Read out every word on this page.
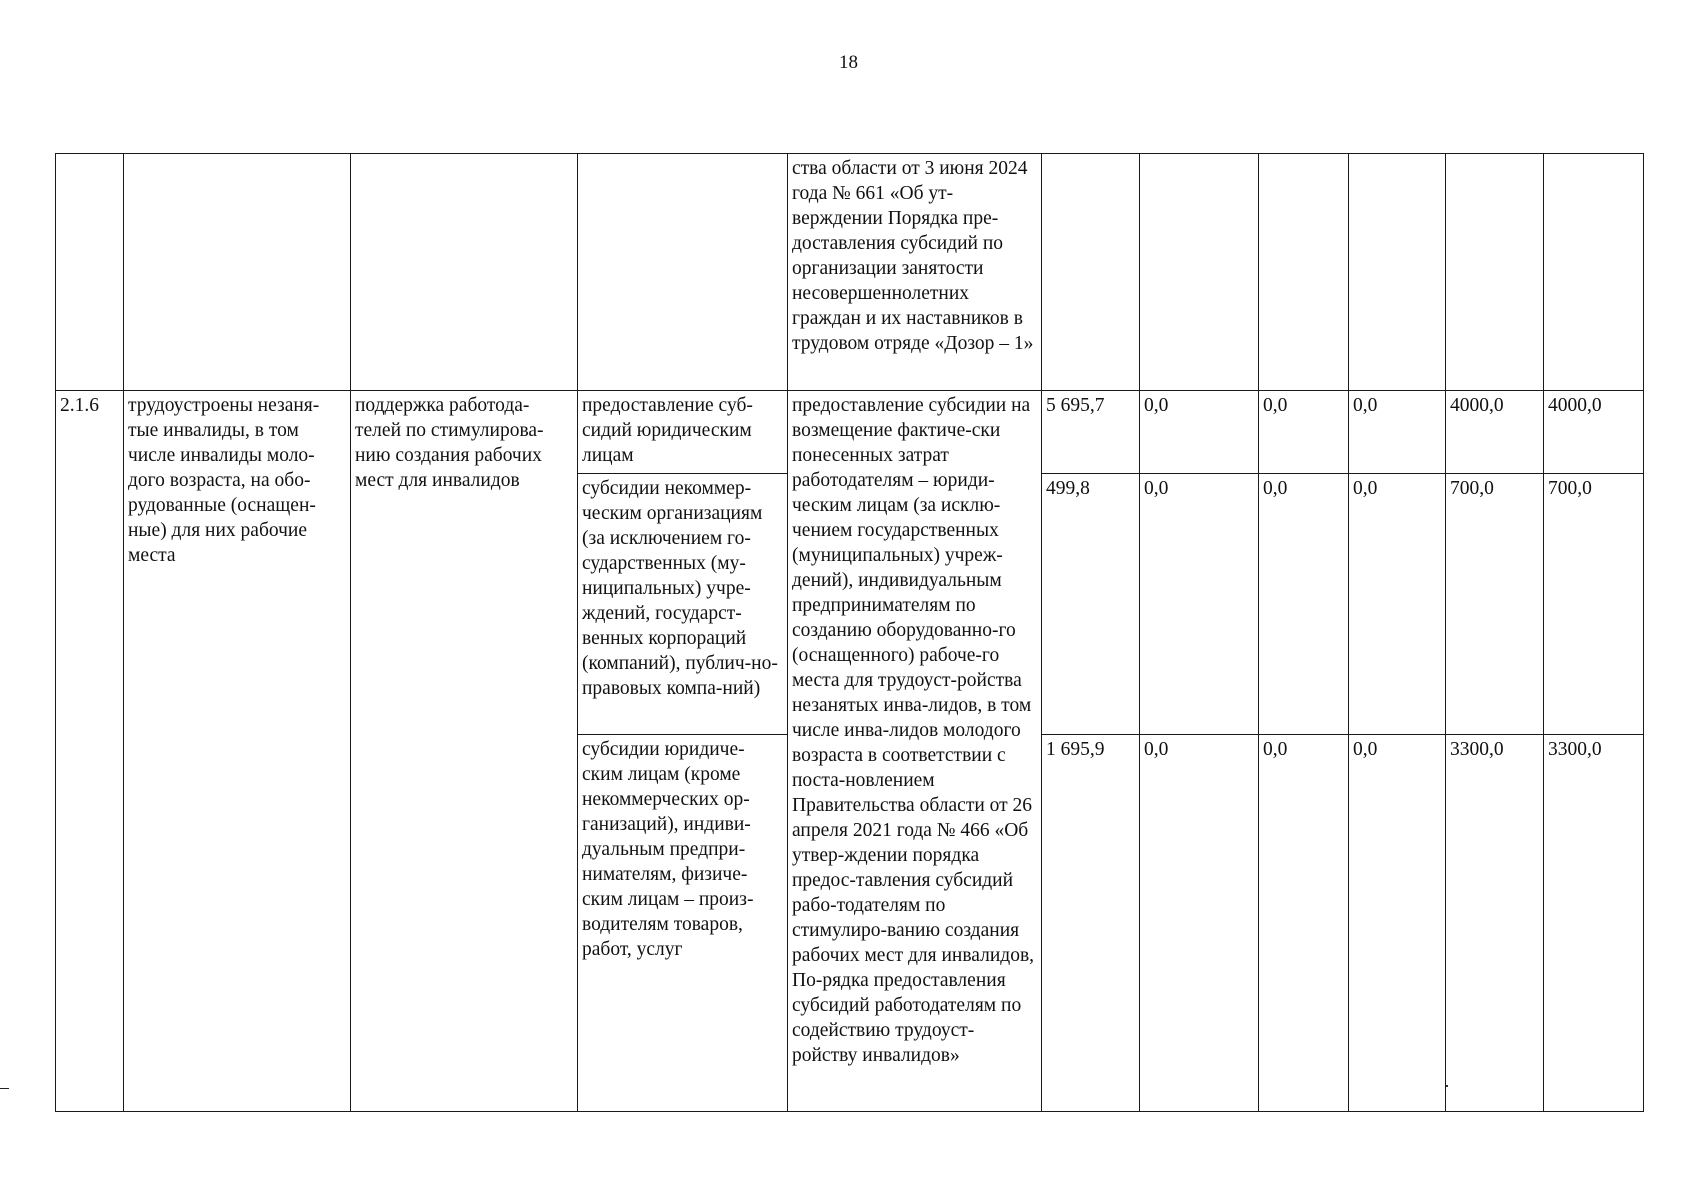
18
				ства области от 3 июня 2024 года № 661 «Об ут-верждении Порядка пре-доставления субсидий по организации занятости несовершеннолетних граждан и их наставников в трудовом отряде «Дозор – 1»						
2.1.6	трудоустроены незаня-тые инвалиды, в том числе инвалиды моло-дого возраста, на обо-рудованные (оснащен-ные) для них рабочие места	поддержка работода-телей по стимулирова-нию создания рабочих мест для инвалидов	предоставление суб-сидий юридическим лицам	предоставление субсидии на возмещение фактиче-ски понесенных затрат работодателям – юриди-ческим лицам (за исклю-чением государственных (муниципальных) учреж-дений), индивидуальным предпринимателям по созданию оборудованно-го (оснащенного) рабоче-го места для трудоуст-ройства незанятых инва-лидов, в том числе инва-лидов молодого возраста в соответствии с поста-новлением Правительства области от 26 апреля 2021 года № 466 «Об утвер-ждении порядка предос-тавления субсидий рабо-тодателям по стимулиро-ванию создания рабочих мест для инвалидов, По-рядка предоставления субсидий работодателям по содействию трудоуст-ройству инвалидов»	5 695,7	0,0	0,0	0,0	4000,0	4000,0
			субсидии некоммер-ческим организациям (за исключением го-сударственных (му-ниципальных) учре-ждений, государст-венных корпораций (компаний), публич-но-правовых компа-ний)		499,8	0,0	0,0	0,0	700,0	700,0
			субсидии юридиче-ским лицам (кроме некоммерческих ор-ганизаций), индиви-дуальным предпри-нимателям, физиче-ским лицам – произ-водителям товаров, работ, услуг		1 695,9	0,0	0,0	0,0	3300,0	3300,0
